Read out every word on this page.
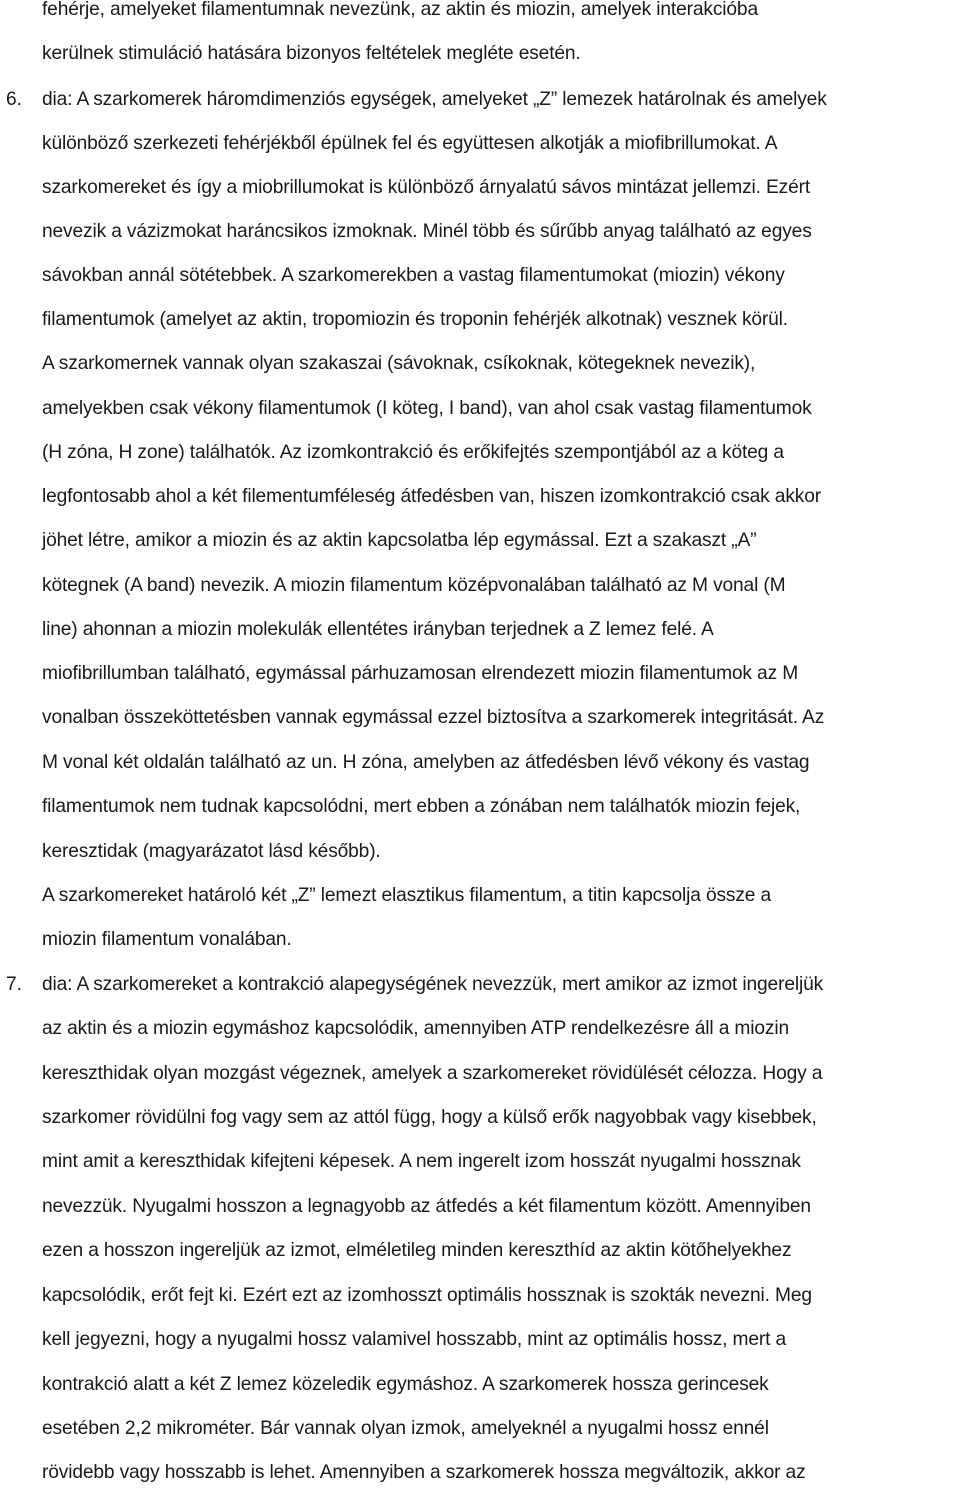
fehérje, amelyeket filamentumnak nevezünk, az aktin és miozin, amelyek interakcióba
kerülnek stimuláció hatására bizonyos feltételek megléte esetén.
6. dia: A szarkomerek háromdimenziós egységek, amelyeket „Z” lemezek határolnak és amelyek
különböző szerkezeti fehérjékből épülnek fel és együttesen alkotják a miofibrillumokat. A
szarkomereket és így a miobrillumokat is különböző árnyalatú sávos mintázat jellemzi. Ezért
nevezik a vázizmokat haráncsikos izmoknak. Minél több és sűrűbb anyag található az egyes
sávokban annál sötétebbek. A szarkomerekben a vastag filamentumokat (miozin) vékony
filamentumok (amelyet az aktin, tropomiozin és troponin fehérjék alkotnak) vesznek körül.
A szarkomernek vannak olyan szakaszai (sávoknak, csíkoknak, kötegeknek nevezik),
amelyekben csak vékony filamentumok (I köteg, I band), van ahol csak vastag filamentumok
(H zóna, H zone) találhatók. Az izomkontrakció és erőkifejtés szempontjából az a köteg a
legfontosabb ahol a két filementumféleség átfedésben van, hiszen izomkontrakció csak akkor
jöhet létre, amikor a miozin és az aktin kapcsolatba lép egymással. Ezt a szakaszt „A”
kötegnek (A band) nevezik. A miozin filamentum középvonalában található az M vonal (M
line) ahonnan a miozin molekulák ellentétes irányban terjednek a Z lemez felé. A
miofibrillumban található, egymással párhuzamosan elrendezett miozin filamentumok az M
vonalban összeköttetésben vannak egymással ezzel biztosítva a szarkomerek integritását. Az
M vonal két oldalán található az un. H zóna, amelyben az átfedésben lévő vékony és vastag
filamentumok nem tudnak kapcsolódni, mert ebben a zónában nem találhatók miozin fejek,
keresztidak (magyarázatot lásd később).
A szarkomereket határoló két „Z” lemezt elasztikus filamentum, a titin kapcsolja össze a
miozin filamentum vonalában.
7. dia: A szarkomereket a kontrakció alapegységének nevezzük, mert amikor az izmot ingereljük
az aktin és a miozin egymáshoz kapcsolódik, amennyiben ATP rendelkezésre áll a miozin
kereszthidak olyan mozgást végeznek, amelyek a szarkomereket rövidülését célozza. Hogy a
szarkomer rövidülni fog vagy sem az attól függ, hogy a külső erők nagyobbak vagy kisebbek,
mint amit a kereszthidak kifejteni képesek. A nem ingerelt izom hosszát nyugalmi hossznak
nevezzük. Nyugalmi hosszon a legnagyobb az átfedés a két filamentum között. Amennyiben
ezen a hosszon ingereljük az izmot, elméletileg minden kereszthíd az aktin kötőhelyekhez
kapcsolódik, erőt fejt ki. Ezért ezt az izomhosszt optimális hossznak is szokták nevezni. Meg
kell jegyezni, hogy a nyugalmi hossz valamivel hosszabb, mint az optimális hossz, mert a
kontrakció alatt a két Z lemez közeledik egymáshoz. A szarkomerek hossza gerincesek
esetében 2,2 mikrométer. Bár vannak olyan izmok, amelyeknél a nyugalmi hossz ennél
rövidebb vagy hosszabb is lehet. Amennyiben a szarkomerek hossza megváltozik, akkor az
